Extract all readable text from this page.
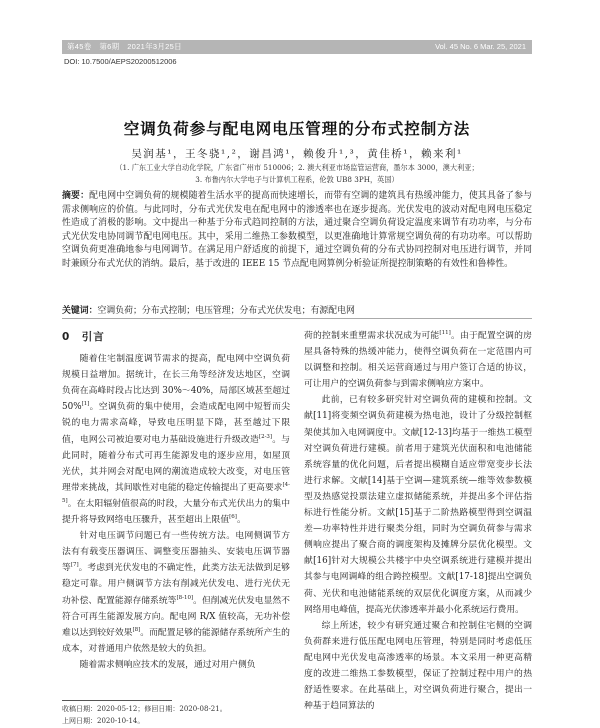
第45卷　第6期　2021年3月25日	Vol. 45 No. 6 Mar. 25, 2021
DOI: 10.7500/AEPS20200512006
空调负荷参与配电网电压管理的分布式控制方法
吴润基¹，王冬骁¹,²，谢昌鸿¹，赖俊升¹,³，黄佳桥¹，赖来利¹
（1. 广东工业大学自动化学院，广东省广州市 510006；2. 澳大利亚市场监管运营商，墨尔本 3000，澳大利亚；
3. 布鲁内尔大学电子与计算机工程系，伦敦 UB8 3PH，英国）
摘要：配电网中空调负荷的规模随着生活水平的提高而快速增长，而带有空调的建筑具有热缓冲能力，使其具备了参与需求侧响应的价值。与此同时，分布式光伏发电在配电网中的渗透率也在逐步提高。光伏发电的波动对配电网电压稳定性造成了消极的影响。文中提出一种基于分布式趋同控制的方法，通过聚合空调负荷设定温度来调节有功功率，与分布式光伏发电协同调节配电网电压。其中，采用二维热工参数模型，以更准确地计算常规空调负荷的有功功率。可以帮助空调负荷更准确地参与电网调节。在满足用户舒适度的前提下，通过空调负荷的分布式协同控制对电压进行调节，并同时兼顾分布式光伏的消纳。最后，基于改进的 IEEE 15 节点配电网算例分析验证所提控制策略的有效性和鲁棒性。
关键词：空调负荷；分布式控制；电压管理；分布式光伏发电；有源配电网
0　引言

随着住宅制温度调节需求的提高，配电网中空调负荷规模日益增加。据统计，在长三角等经济发达地区，空调负荷在高峰时段占比达到 30%～40%，局部区域甚至超过 50%[1]。空调负荷的集中使用，会造成配电网中短暂而尖锐的电力需求高峰，导致电压明显下降，甚至越过下限值，电网公司被迫要对电力基础设施进行升级改造[2-3]。与此同时，随着分布式可再生能源发电的逐步应用，如屋顶光伏，其并网会对配电网的潮流造成较大改变，对电压管理带来挑战，其间歇性对电能的稳定传输提出了更高要求[4-5]。在太阳辐射值很高的时段，大量分布式光伏出力的集中提升将导致网络电压骤升，甚至超出上限值[6]。

针对电压调节问题已有一些传统方法。电网侧调节方法有有载变压器调压、调整变压器抽头、安装电压调节器等[7]。考虑到光伏发电的不确定性，此类方法无法做到足够稳定可靠。用户侧调节方法有削减光伏发电、进行光伏无功补偿、配置能源存储系统等[8-10]。但削减光伏发电显然不符合可再生能源发展方向。配电网 R/X 值较高，无功补偿难以达到较好效果[8]。而配置足够的能源储存系统所产生的成本，对普通用户依然是较大的负担。

随着需求侧响应技术的发展，通过对用户侧负

荷的控制来重塑需求状况成为可能[11]。由于配置空调的房屋具备特殊的热缓冲能力，使得空调负荷在一定范围内可以调整和控制。相关运营商通过与用户签订合适的协议，可让用户的空调负荷参与到需求侧响应方案中。

此前，已有较多研究针对空调负荷的建模和控制。文献[11]将变频空调负荷建模为热电池，设计了分级控制框架使其加入电网调度中。文献[12-13]均基于一维热工模型对空调负荷进行建模。前者用于建筑光伏面积和电池储能系统容量的优化问题，后者提出模糊自适应带宽变步长法进行求解。文献[14]基于空调—建筑系统—维等效参数模型及热感觉投票法建立虚拟储能系统，并提出多个评估指标进行性能分析。文献[15]基于二阶热路模型得到空调温差—功率特性并进行聚类分组，同时为空调负荷参与需求侧响应提出了聚合商的调度架构及摊牌分层优化模型。文献[16]针对大规模公共楼宇中央空调系统进行建模并提出其参与电网调峰的组合跨控模型。文献[17-18]提出空调负荷、光伏和电池储能系统的双层优化调度方案，从而减少网络用电峰值，提高光伏渗透率并最小化系统运行费用。

综上所述，较少有研究通过聚合和控制住宅侧的空调负荷群来进行低压配电网电压管理，特别是同时考虑低压配电网中光伏发电高渗透率的场景。本文采用一种更高精度的改进二维热工参数模型，保证了控制过程中用户的热舒适性要求。在此基础上，对空调负荷进行聚合，提出一种基于趋同算法的

收稿日期：2020-05-12；修回日期：2020-08-21。
上网日期：2020-10-14。
